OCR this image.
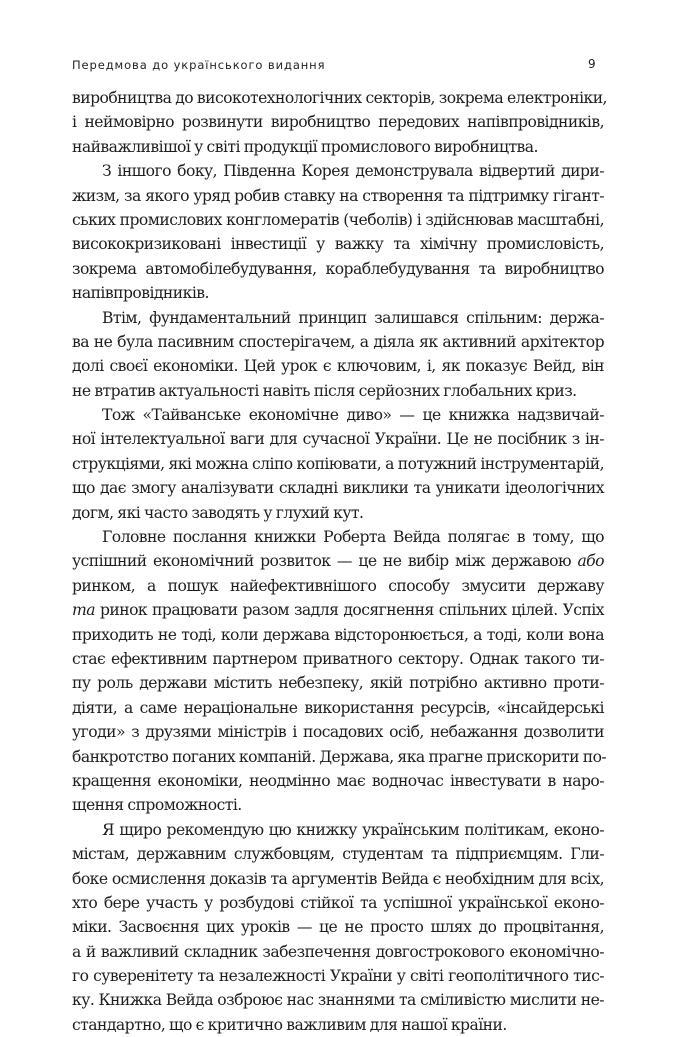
Передмова до українського видання	9
виробництва до високотехнологічних секторів, зокрема електроніки,
і неймовірно розвинути виробництво передових напівпровідників,
найважливішої у світі продукції промислового виробництва.
З іншого боку, Південна Корея демонструвала відвертий дири-
жизм, за якого уряд робив ставку на створення та підтримку гігант-
ських промислових конгломератів (чеболів) і здійснював масштабні,
висококризиковані інвестиції у важку та хімічну промисловість,
зокрема автомобілебудування, кораблебудування та виробництво
напівпровідників.
Втім, фундаментальний принцип залишався спільним: держа-
ва не була пасивним спостерігачем, а діяла як активний архітектор
долі своєї економіки. Цей урок є ключовим, і, як показує Вейд, він
не втратив актуальності навіть після серйозних глобальних криз.
Тож «Тайванське економічне диво» — це книжка надзвичай-
ної інтелектуальної ваги для сучасної України. Це не посібник з ін-
струкціями, які можна сліпо копіювати, а потужний інструментарій,
що дає змогу аналізувати складні виклики та уникати ідеологічних
догм, які часто заводять у глухий кут.
Головне послання книжки Роберта Вейда полягає в тому, що
успішний економічний розвиток — це не вибір між державою або
ринком, а пошук найефективнішого способу змусити державу
та ринок працювати разом задля досягнення спільних цілей. Успіх
приходить не тоді, коли держава відсторонюється, а тоді, коли вона
стає ефективним партнером приватного сектору. Однак такого ти-
пу роль держави містить небезпеку, якій потрібно активно проти-
діяти, а саме нераціональне використання ресурсів, «інсайдерські
угоди» з друзями міністрів і посадових осіб, небажання дозволити
банкротство поганих компаній. Держава, яка прагне прискорити по-
кращення економіки, неодмінно має водночас інвестувати в наро-
щення спроможності.
Я щиро рекомендую цю книжку українським політикам, еконо-
містам, державним службовцям, студентам та підприємцям. Гли-
боке осмислення доказів та аргументів Вейда є необхідним для всіх,
хто бере участь у розбудові стійкої та успішної української еконо-
міки. Засвоєння цих уроків — це не просто шлях до процвітання,
а й важливий складник забезпечення довгострокового економічно-
го суверенітету та незалежності України у світі геополітичного тис-
ку. Книжка Вейда озброює нас знаннями та сміливістю мислити не-
стандартно, що є критично важливим для нашої країни.
